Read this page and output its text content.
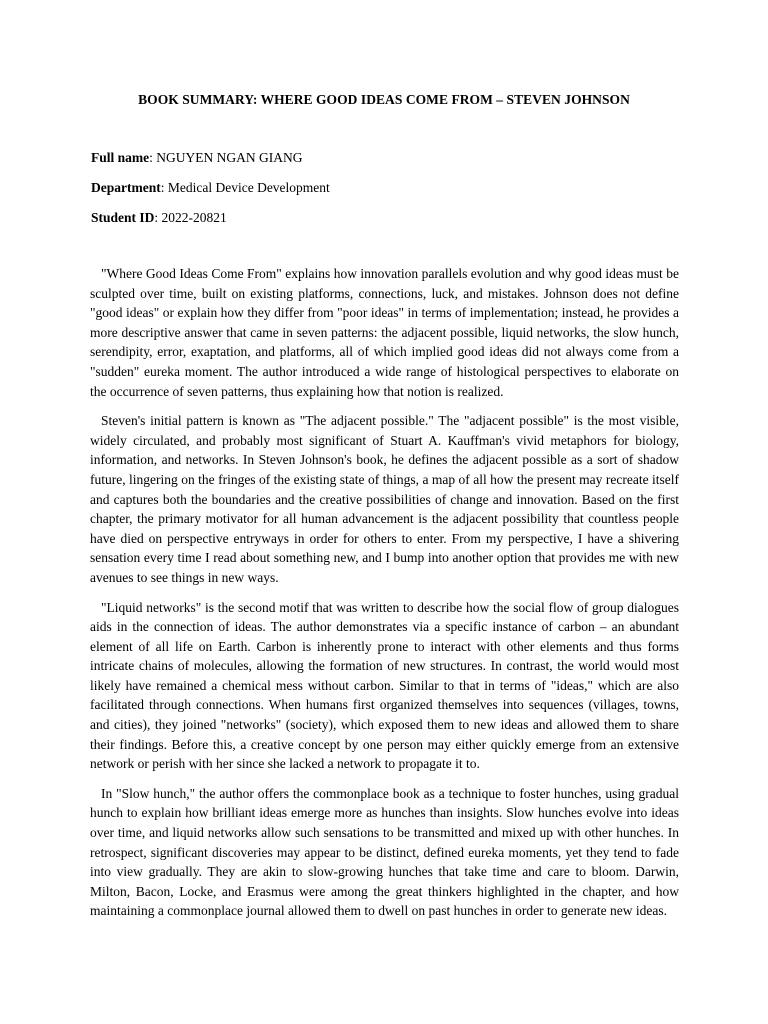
BOOK SUMMARY: WHERE GOOD IDEAS COME FROM – STEVEN JOHNSON
Full name: NGUYEN NGAN GIANG
Department: Medical Device Development
Student ID: 2022-20821

"Where Good Ideas Come From" explains how innovation parallels evolution and why good ideas must be sculpted over time, built on existing platforms, connections, luck, and mistakes. Johnson does not define "good ideas" or explain how they differ from "poor ideas" in terms of implementation; instead, he provides a more descriptive answer that came in seven patterns: the adjacent possible, liquid networks, the slow hunch, serendipity, error, exaptation, and platforms, all of which implied good ideas did not always come from a "sudden" eureka moment. The author introduced a wide range of histological perspectives to elaborate on the occurrence of seven patterns, thus explaining how that notion is realized.

Steven's initial pattern is known as "The adjacent possible." The "adjacent possible" is the most visible, widely circulated, and probably most significant of Stuart A. Kauffman's vivid metaphors for biology, information, and networks. In Steven Johnson's book, he defines the adjacent possible as a sort of shadow future, lingering on the fringes of the existing state of things, a map of all how the present may recreate itself and captures both the boundaries and the creative possibilities of change and innovation. Based on the first chapter, the primary motivator for all human advancement is the adjacent possibility that countless people have died on perspective entryways in order for others to enter. From my perspective, I have a shivering sensation every time I read about something new, and I bump into another option that provides me with new avenues to see things in new ways.

"Liquid networks" is the second motif that was written to describe how the social flow of group dialogues aids in the connection of ideas. The author demonstrates via a specific instance of carbon – an abundant element of all life on Earth. Carbon is inherently prone to interact with other elements and thus forms intricate chains of molecules, allowing the formation of new structures. In contrast, the world would most likely have remained a chemical mess without carbon. Similar to that in terms of "ideas," which are also facilitated through connections. When humans first organized themselves into sequences (villages, towns, and cities), they joined "networks" (society), which exposed them to new ideas and allowed them to share their findings. Before this, a creative concept by one person may either quickly emerge from an extensive network or perish with her since she lacked a network to propagate it to.

In "Slow hunch," the author offers the commonplace book as a technique to foster hunches, using gradual hunch to explain how brilliant ideas emerge more as hunches than insights. Slow hunches evolve into ideas over time, and liquid networks allow such sensations to be transmitted and mixed up with other hunches. In retrospect, significant discoveries may appear to be distinct, defined eureka moments, yet they tend to fade into view gradually. They are akin to slow-growing hunches that take time and care to bloom. Darwin, Milton, Bacon, Locke, and Erasmus were among the great thinkers highlighted in the chapter, and how maintaining a commonplace journal allowed them to dwell on past hunches in order to generate new ideas.
